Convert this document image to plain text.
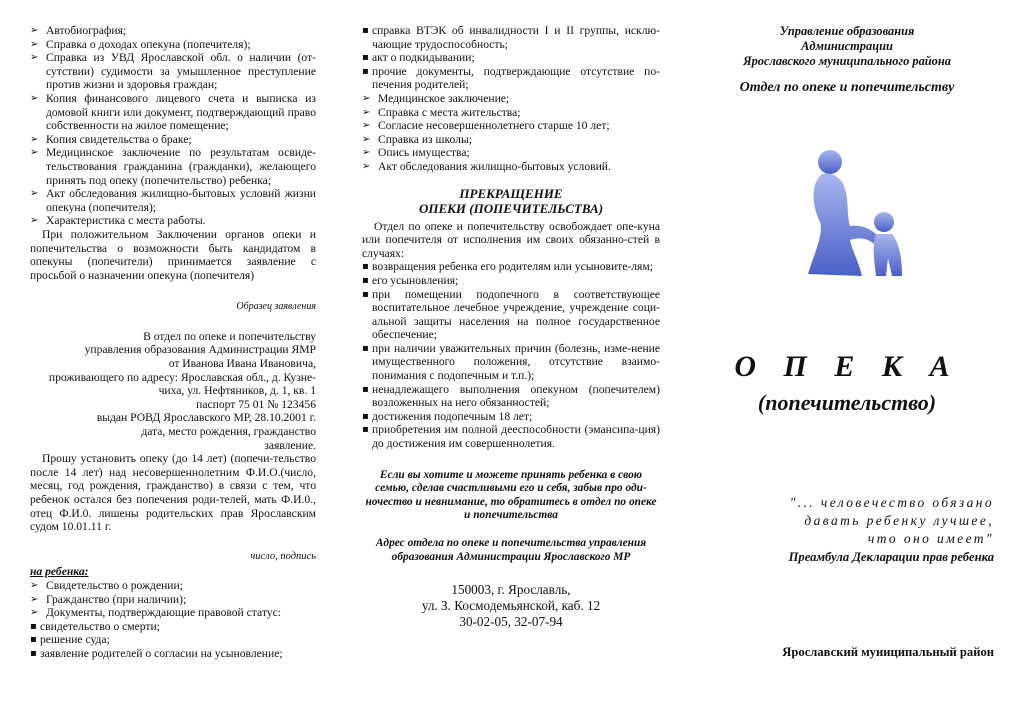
➢ Автобиография;
➢ Справка о доходах опекуна (попечителя);
➢ Справка из УВД Ярославской обл. о наличии (от-сутствии) судимости за умышленное преступление против жизни и здоровья граждан;
➢ Копия финансового лицевого счета и выписка из домовой книги или документ, подтверждающий право собственности на жилое помещение;
➢ Копия свидетельства о браке;
➢ Медицинское заключение по результатам освиде-тельствования гражданина (гражданки), желающего принять под опеку (попечительство) ребенка;
➢ Акт обследования жилищно-бытовых условий жизни опекуна (попечителя);
➢ Характеристика с места работы.

При положительном Заключении органов опеки и попечительства о возможности быть кандидатом в опекуны (попечители) принимается заявление с просьбой о назначении опекуна (попечителя)

Образец заявления
В отдел по опеке и попечительству
управления образования Администрации ЯМР
от Иванова Ивана Ивановича,
проживающего по адресу: Ярославская обл., д. Кузне-
чиха, ул. Нефтяников, д. 1, кв. 1
паспорт 75 01 № 123456
выдан РОВД Ярославского МР, 28.10.2001 г.
дата, место рождения, гражданство
заявление.

Прошу установить опеку (до 14 лет) (попечи-тельство после 14 лет) над несовершеннолетним Ф.И.О.(число, месяц, год рождения, гражданство) в связи с тем, что ребенок остался без попечения роди-телей, мать Ф.И.0., отец Ф.И.0. лишены родительских прав Ярославским судом 10.01.11 г.

число, подпись
на ребенка:
➢ Свидетельство о рождении;
➢ Гражданство (при наличии);
➢ Документы, подтверждающие правовой статус:
▪ свидетельство о смерти;
▪ решение суда;
▪ заявление родителей о согласии на усыновление;
▪ справка ВТЭК об инвалидности I и II группы, исклю-чающие трудоспособность;
▪ акт о подкидывании;
▪ прочие документы, подтверждающие отсутствие по-печения родителей;
➢ Медицинское заключение;
➢ Справка с места жительства;
➢ Согласие несовершеннолетнего старше 10 лет;
➢ Справка из школы;
➢ Опись имущества;
➢ Акт обследования жилищно-бытовых условий.
ПРЕКРАЩЕНИЕ
ОПЕКИ (ПОПЕЧИТЕЛЬСТВА)

Отдел по опеке и попечительству освобождает опе-куна или попечителя от исполнения им своих обязанно-стей в случаях:

▪ возвращения ребенка его родителям или усыновите-лям;
▪ его усыновления;
▪ при помещении подопечного в соответствующее воспитательное лечебное учреждение, учреждение соци-альной защиты населения на полное государственное обеспечение;
▪ при наличии уважительных причин (болезнь, изме-нение имущественного положения, отсутствие взаимо-понимания с подопечным и т.п.);
▪ ненадлежащего выполнения опекуном (попечителем) возложенных на него обязанностей;
▪ достижения подопечным 18 лет;
▪ приобретения им полной дееспособности (эмансипа-ция) до достижения им совершеннолетия.

Если вы хотите и можете принять ребенка в свою семью, сделав счастливыми его и себя, забыв про оди-ночество и невнимание, то обратитесь в отдел по опеке и попечительства

Адрес отдела по опеке и попечительства управления образования Администрации Ярославского МР

150003, г. Ярославль,
ул. З. Космодемьянской, каб. 12
30-02-05, 32-07-94
Управление образования
Администрации
Ярославского муниципального района
Отдел по опеке и попечительству
О П Е К А
(попечительство)
"... человечество обязано
давать ребенку лучшее,
что оно имеет"
Преамбула Декларации прав ребенка
Ярославский муниципальный район
